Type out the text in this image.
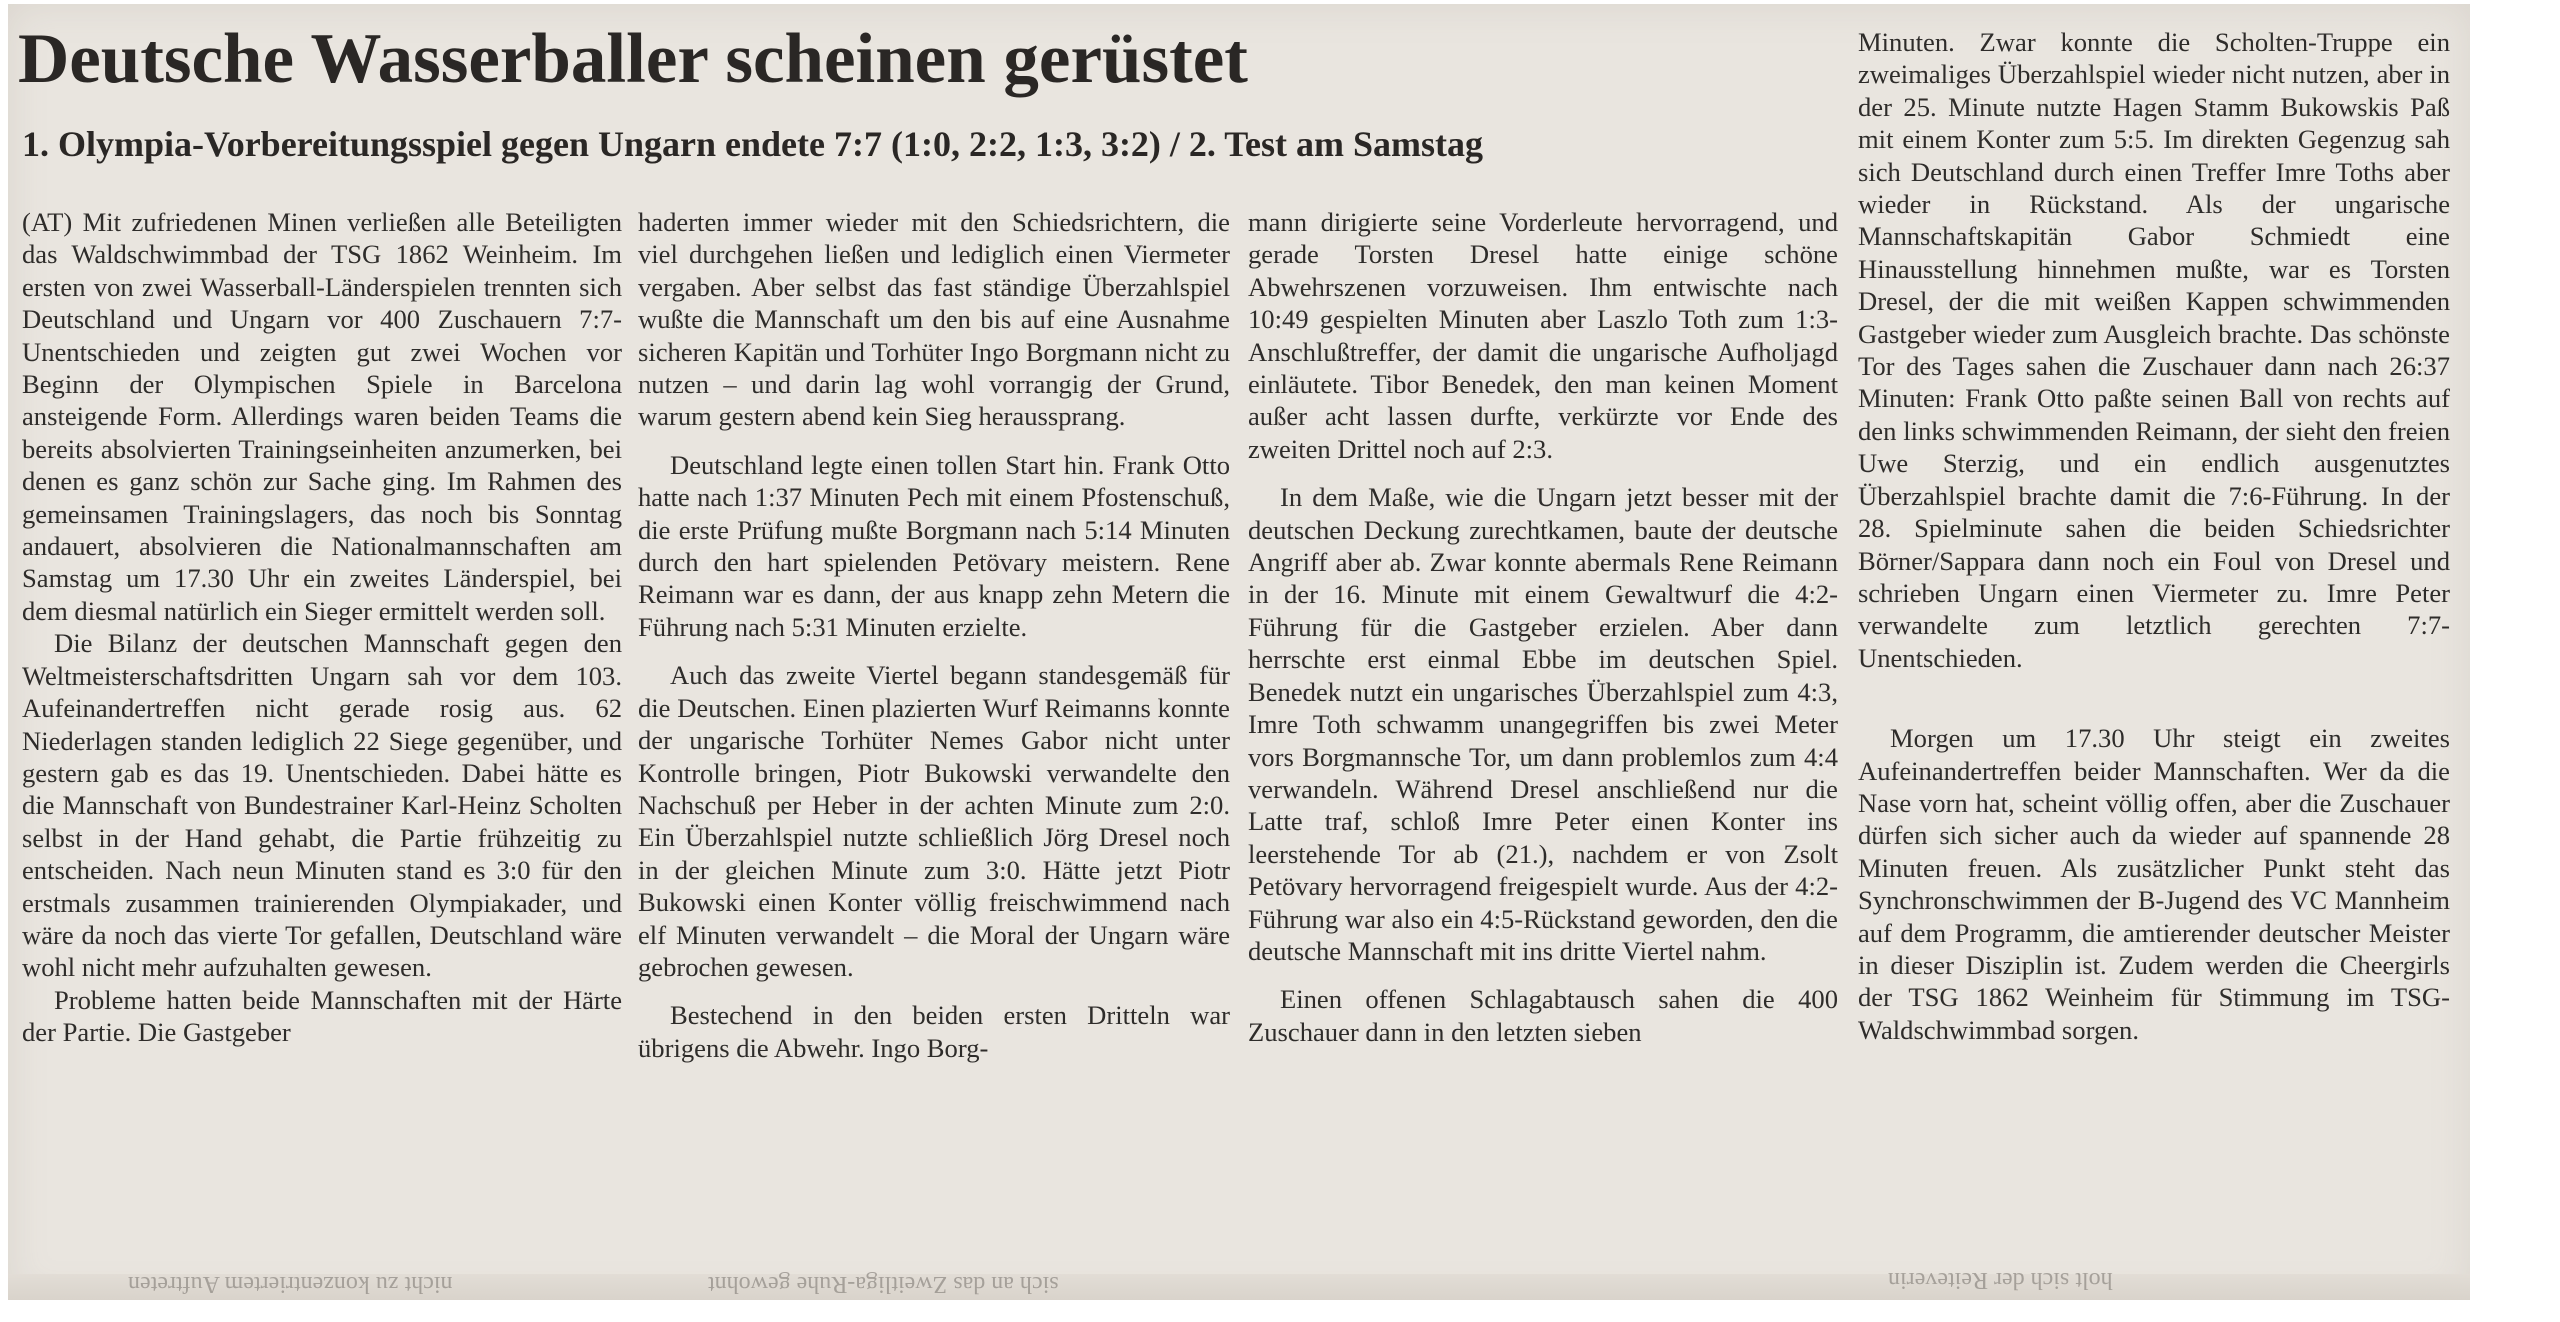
Deutsche Wasserballer scheinen gerüstet
1. Olympia-Vorbereitungsspiel gegen Ungarn endete 7:7 (1:0, 2:2, 1:3, 3:2) / 2. Test am Samstag

(AT) Mit zufriedenen Minen verließen alle Beteiligten das Waldschwimmbad der TSG 1862 Weinheim. Im ersten von zwei Wasserball-Länderspielen trennten sich Deutschland und Ungarn vor 400 Zuschauern 7:7-Unentschieden und zeigten gut zwei Wochen vor Beginn der Olympischen Spiele in Barcelona ansteigende Form. Allerdings waren beiden Teams die bereits absolvierten Trainingseinheiten anzumerken, bei denen es ganz schön zur Sache ging. Im Rahmen des gemeinsamen Trainingslagers, das noch bis Sonntag andauert, absolvieren die Nationalmannschaften am Samstag um 17.30 Uhr ein zweites Länderspiel, bei dem diesmal natürlich ein Sieger ermittelt werden soll.

Die Bilanz der deutschen Mannschaft gegen den Weltmeisterschaftsdritten Ungarn sah vor dem 103. Aufeinandertreffen nicht gerade rosig aus. 62 Niederlagen standen lediglich 22 Siege gegenüber, und gestern gab es das 19. Unentschieden. Dabei hätte es die Mannschaft von Bundestrainer Karl-Heinz Scholten selbst in der Hand gehabt, die Partie frühzeitig zu entscheiden. Nach neun Minuten stand es 3:0 für den erstmals zusammen trainierenden Olympiakader, und wäre da noch das vierte Tor gefallen, Deutschland wäre wohl nicht mehr aufzuhalten gewesen.

Probleme hatten beide Mannschaften mit der Härte der Partie. Die Gastgeber

haderten immer wieder mit den Schiedsrichtern, die viel durchgehen ließen und lediglich einen Viermeter vergaben. Aber selbst das fast ständige Überzahlspiel wußte die Mannschaft um den bis auf eine Ausnahme sicheren Kapitän und Torhüter Ingo Borgmann nicht zu nutzen – und darin lag wohl vorrangig der Grund, warum gestern abend kein Sieg heraussprang.

Deutschland legte einen tollen Start hin. Frank Otto hatte nach 1:37 Minuten Pech mit einem Pfostenschuß, die erste Prüfung mußte Borgmann nach 5:14 Minuten durch den hart spielenden Petövary meistern. Rene Reimann war es dann, der aus knapp zehn Metern die Führung nach 5:31 Minuten erzielte.

Auch das zweite Viertel begann standesgemäß für die Deutschen. Einen plazierten Wurf Reimanns konnte der ungarische Torhüter Nemes Gabor nicht unter Kontrolle bringen, Piotr Bukowski verwandelte den Nachschuß per Heber in der achten Minute zum 2:0. Ein Überzahlspiel nutzte schließlich Jörg Dresel noch in der gleichen Minute zum 3:0. Hätte jetzt Piotr Bukowski einen Konter völlig freischwimmend nach elf Minuten verwandelt – die Moral der Ungarn wäre gebrochen gewesen.

Bestechend in den beiden ersten Dritteln war übrigens die Abwehr. Ingo Borg-

mann dirigierte seine Vorderleute hervorragend, und gerade Torsten Dresel hatte einige schöne Abwehrszenen vorzuweisen. Ihm entwischte nach 10:49 gespielten Minuten aber Laszlo Toth zum 1:3-Anschlußtreffer, der damit die ungarische Aufholjagd einläutete. Tibor Benedek, den man keinen Moment außer acht lassen durfte, verkürzte vor Ende des zweiten Drittel noch auf 2:3.

In dem Maße, wie die Ungarn jetzt besser mit der deutschen Deckung zurechtkamen, baute der deutsche Angriff aber ab. Zwar konnte abermals Rene Reimann in der 16. Minute mit einem Gewaltwurf die 4:2-Führung für die Gastgeber erzielen. Aber dann herrschte erst einmal Ebbe im deutschen Spiel. Benedek nutzt ein ungarisches Überzahlspiel zum 4:3, Imre Toth schwamm unangegriffen bis zwei Meter vors Borgmannsche Tor, um dann problemlos zum 4:4 verwandeln. Während Dresel anschließend nur die Latte traf, schloß Imre Peter einen Konter ins leerstehende Tor ab (21.), nachdem er von Zsolt Petövary hervorragend freigespielt wurde. Aus der 4:2-Führung war also ein 4:5-Rückstand geworden, den die deutsche Mannschaft mit ins dritte Viertel nahm.

Einen offenen Schlagabtausch sahen die 400 Zuschauer dann in den letzten sieben

Minuten. Zwar konnte die Scholten-Truppe ein zweimaliges Überzahlspiel wieder nicht nutzen, aber in der 25. Minute nutzte Hagen Stamm Bukowskis Paß mit einem Konter zum 5:5. Im direkten Gegenzug sah sich Deutschland durch einen Treffer Imre Toths aber wieder in Rückstand. Als der ungarische Mannschaftskapitän Gabor Schmiedt eine Hinausstellung hinnehmen mußte, war es Torsten Dresel, der die mit weißen Kappen schwimmenden Gastgeber wieder zum Ausgleich brachte. Das schönste Tor des Tages sahen die Zuschauer dann nach 26:37 Minuten: Frank Otto paßte seinen Ball von rechts auf den links schwimmenden Reimann, der sieht den freien Uwe Sterzig, und ein endlich ausgenutztes Überzahlspiel brachte damit die 7:6-Führung. In der 28. Spielminute sahen die beiden Schiedsrichter Börner/Sappara dann noch ein Foul von Dresel und schrieben Ungarn einen Viermeter zu. Imre Peter verwandelte zum letztlich gerechten 7:7-Unentschieden.

Morgen um 17.30 Uhr steigt ein zweites Aufeinandertreffen beider Mannschaften. Wer da die Nase vorn hat, scheint völlig offen, aber die Zuschauer dürfen sich sicher auch da wieder auf spannende 28 Minuten freuen. Als zusätzlicher Punkt steht das Synchronschwimmen der B-Jugend des VC Mannheim auf dem Programm, die amtierender deutscher Meister in dieser Disziplin ist. Zudem werden die Cheergirls der TSG 1862 Weinheim für Stimmung im TSG-Waldschwimmbad sorgen.

nicht zu konzentriertem Auftreten	sich an das Zweitliga-Ruhe gewohnt	holt sich der Reiteverin
